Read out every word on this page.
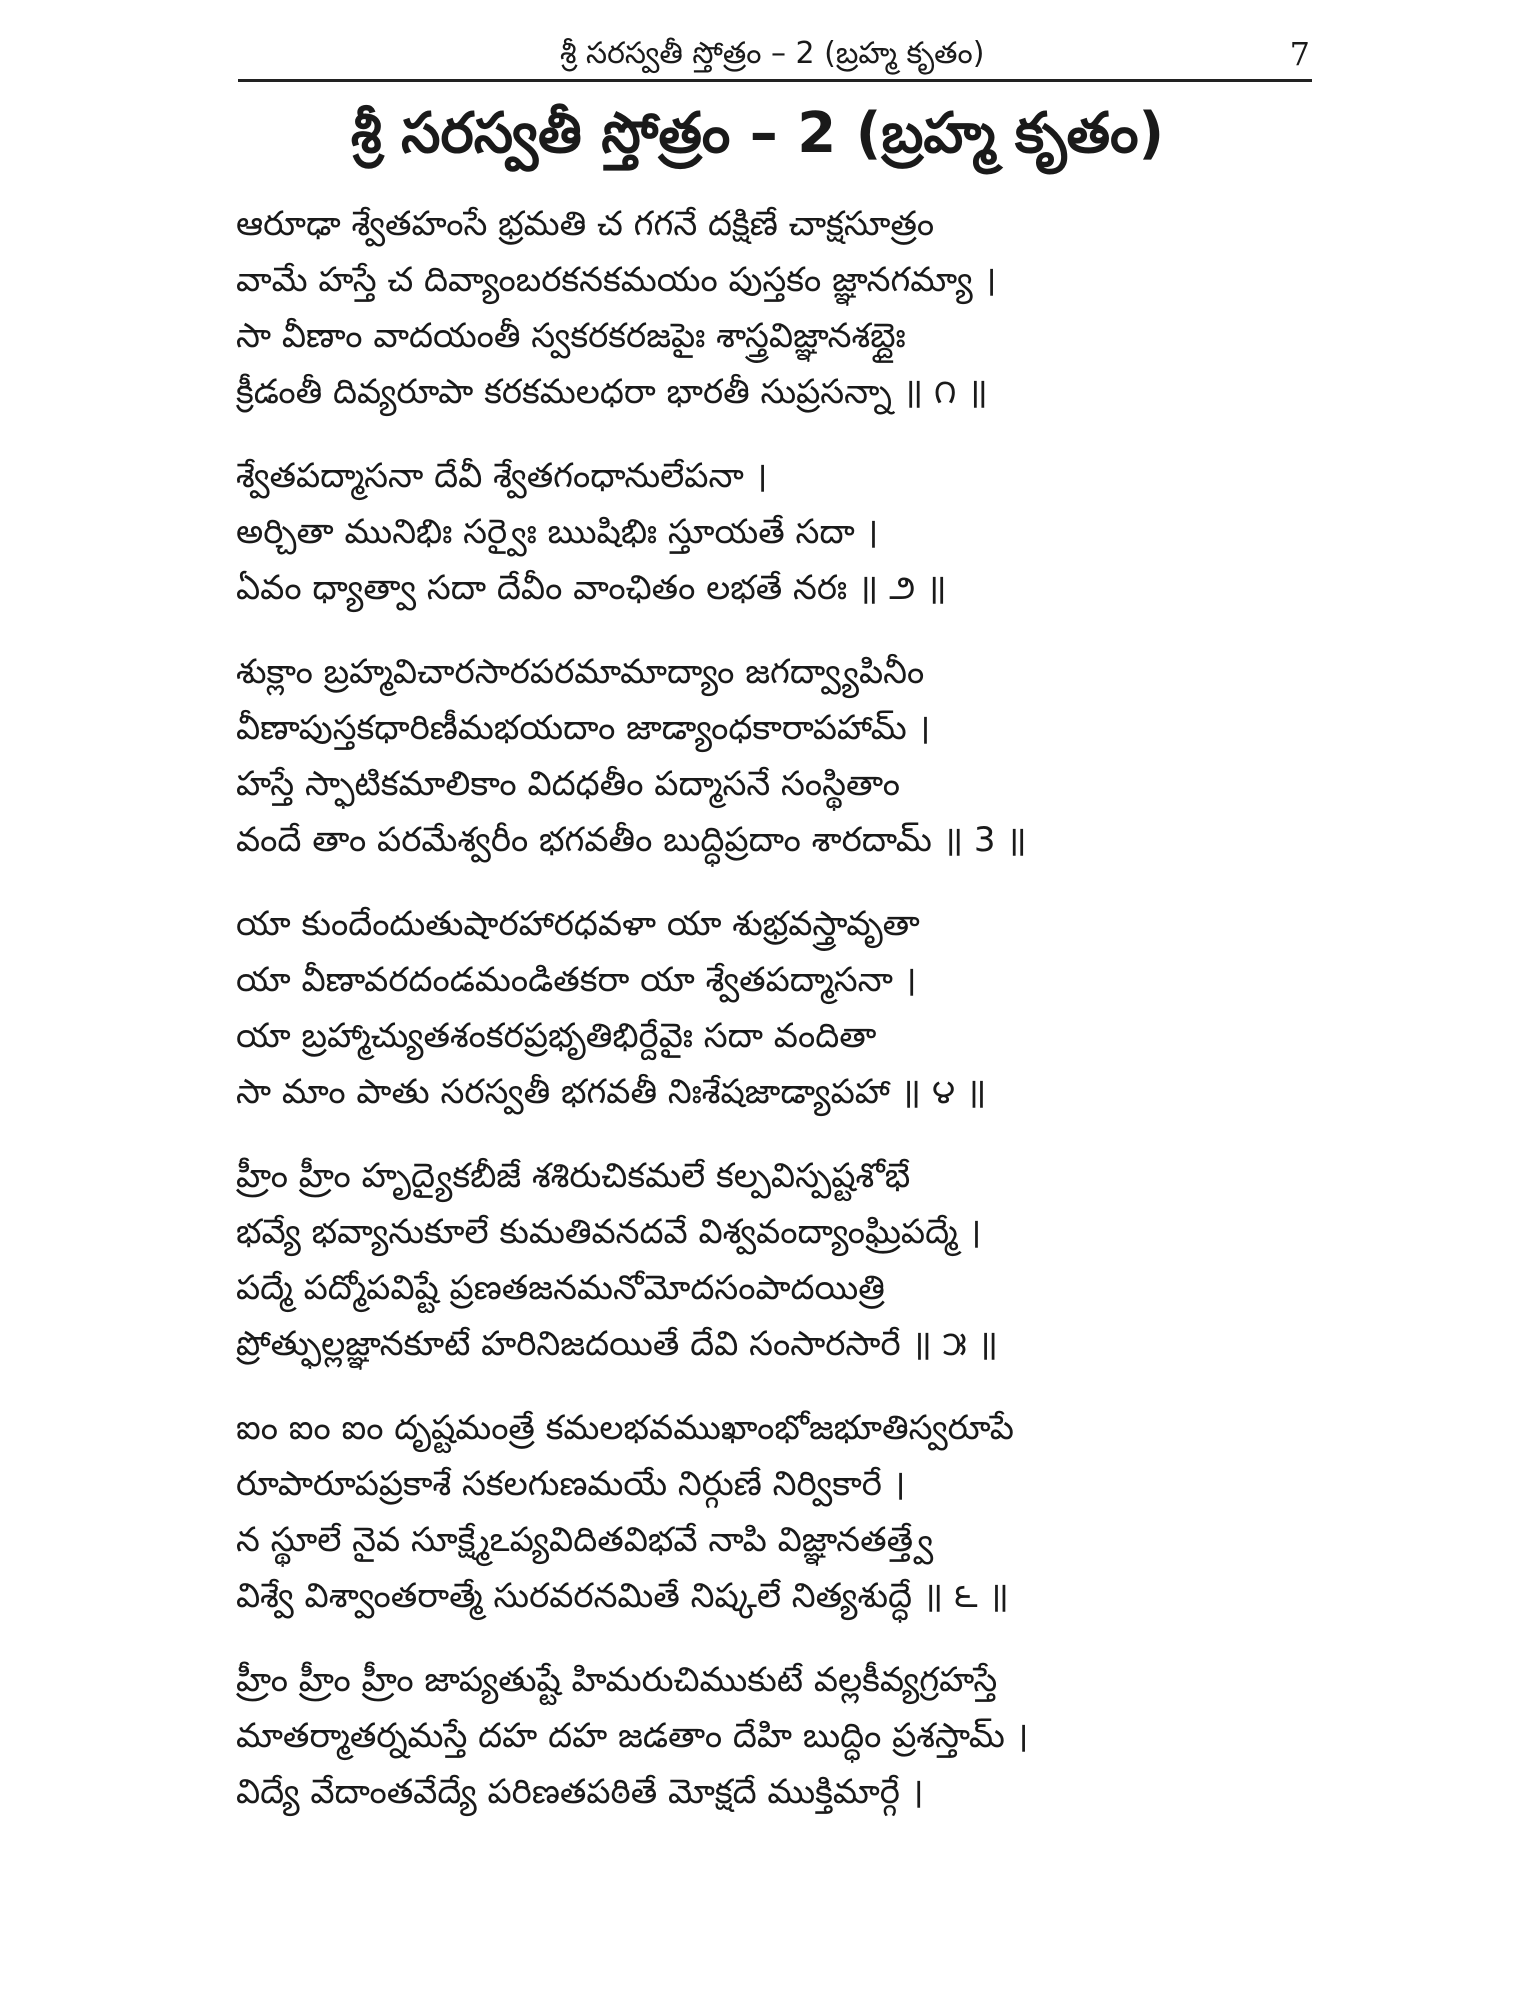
శ్రీ సరస్వతీ స్తోత్రం – 2 (బ్రహ్మ కృతం)	7
శ్రీ సరస్వతీ స్తోత్రం – 2 (బ్రహ్మ కృతం)
ఆరూఢా శ్వేతహంసే భ్రమతి చ గగనే దక్షిణే చాక్షసూత్రం
వామే హస్తే చ దివ్యాంబరకనకమయం పుస్తకం జ్ఞానగమ్యా ।
సా వీణాం వాదయంతీ స్వకరకరజపైః శాస్త్రవిజ్ఞానశబ్దైః
క్రీడంతీ దివ్యరూపా కరకమలధరా భారతీ సుప్రసన్నా ॥ ౧ ॥
శ్వేతపద్మాసనా దేవీ శ్వేతగంధానులేపనా ।
అర్చితా మునిభిః సర్వైః ఋషిభిః స్తూయతే సదా ।
ఏవం ధ్యాత్వా సదా దేవీం వాంఛితం లభతే నరః ॥ ౨ ॥
శుక్లాం బ్రహ్మవిచారసారపరమామాద్యాం జగద్వ్యాపినీం
వీణాపుస్తకధారిణీమభయదాం జాడ్యాంధకారాపహామ్ ।
హస్తే స్ఫాటికమాలికాం విదధతీం పద్మాసనే సంస్థితాం
వందే తాం పరమేశ్వరీం భగవతీం బుద్ధిప్రదాం శారదామ్ ॥ 3 ॥
యా కుందేందుతుషారహారధవళా యా శుభ్రవస్త్రావృతా
యా వీణావరదండమండితకరా యా శ్వేతపద్మాసనా ।
యా బ్రహ్మాచ్యుతశంకరప్రభృతిభిర్దేవైః సదా వందితా
సా మాం పాతు సరస్వతీ భగవతీ నిఃశేషజాడ్యాపహా ॥ ౪ ॥
హ్రీం హ్రీం హృద్యైకబీజే శశిరుచికమలే కల్పవిస్పష్టశోభే
భవ్యే భవ్యానుకూలే కుమతివనదవే విశ్వవంద్యాంఘ్రిపద్మే ।
పద్మే పద్మోపవిష్టే ప్రణతజనమనోమోదసంపాదయిత్రి
ప్రోత్ఫుల్లజ్ఞానకూటే హరినిజదయితే దేవి సంసారసారే ॥ ౫ ॥
ఐం ఐం ఐం దృష్టమంత్రే కమలభవముఖాంభోజభూతిస్వరూపే
రూపారూపప్రకాశే సకలగుణమయే నిర్గుణే నిర్వికారే ।
న స్థూలే నైవ సూక్ష్మేఽప్యవిదితవిభవే నాపి విజ్ఞానతత్త్వే
విశ్వే విశ్వాంతరాత్మే సురవరనమితే నిష్కలే నిత్యశుద్ధే ॥ ౬ ॥
హ్రీం హ్రీం హ్రీం జాప్యతుష్టే హిమరుచిముకుటే వల్లకీవ్యగ్రహస్తే
మాతర్మాతర్నమస్తే దహ దహ జడతాం దేహి బుద్ధిం ప్రశస్తామ్ ।
విద్యే వేదాంతవేద్యే పరిణతపఠితే మోక్షదే ముక్తిమార్గే ।
